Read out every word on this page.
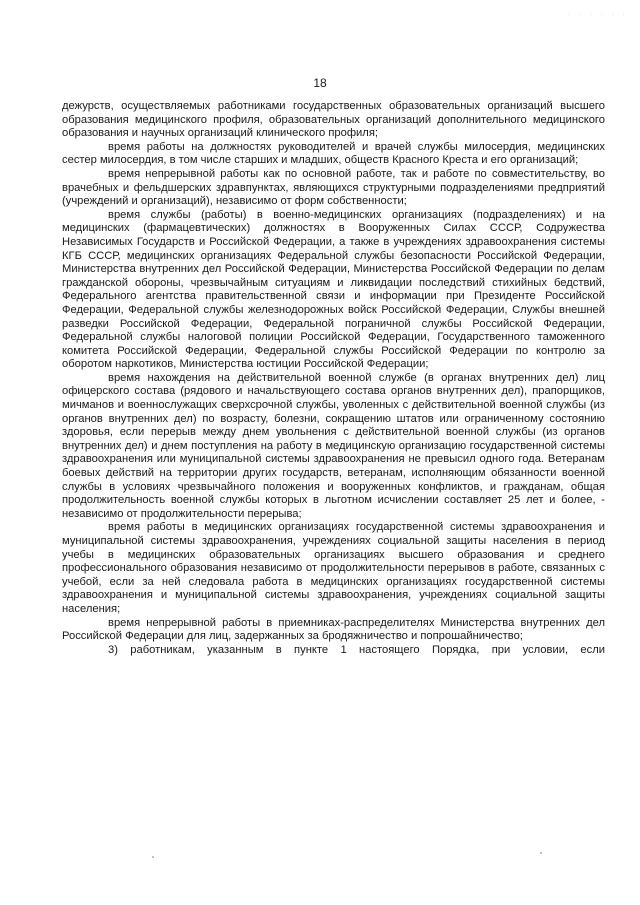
· · · · · ·
18

дежурств, осуществляемых работниками государственных образовательных организаций высшего образования медицинского профиля, образовательных организаций дополнительного медицинского образования и научных организаций клинического профиля;

время работы на должностях руководителей и врачей службы милосердия, медицинских сестер милосердия, в том числе старших и младших, обществ Красного Креста и его организаций;

время непрерывной работы как по основной работе, так и работе по совместительству, во врачебных и фельдшерских здравпунктах, являющихся структурными подразделениями предприятий (учреждений и организаций), независимо от форм собственности;

время службы (работы) в военно-медицинских организациях (подразделениях) и на медицинских (фармацевтических) должностях в Вооруженных Силах СССР, Содружества Независимых Государств и Российской Федерации, а также в учреждениях здравоохранения системы КГБ СССР, медицинских организациях Федеральной службы безопасности Российской Федерации, Министерства внутренних дел Российской Федерации, Министерства Российской Федерации по делам гражданской обороны, чрезвычайным ситуациям и ликвидации последствий стихийных бедствий, Федерального агентства правительственной связи и информации при Президенте Российской Федерации, Федеральной службы железнодорожных войск Российской Федерации, Службы внешней разведки Российской Федерации, Федеральной пограничной службы Российской Федерации, Федеральной службы налоговой полиции Российской Федерации, Государственного таможенного комитета Российской Федерации, Федеральной службы Российской Федерации по контролю за оборотом наркотиков, Министерства юстиции Российской Федерации;

время нахождения на действительной военной службе (в органах внутренних дел) лиц офицерского состава (рядового и начальствующего состава органов внутренних дел), прапорщиков, мичманов и военнослужащих сверхсрочной службы, уволенных с действительной военной службы (из органов внутренних дел) по возрасту, болезни, сокращению штатов или ограниченному состоянию здоровья, если перерыв между днем увольнения с действительной военной службы (из органов внутренних дел) и днем поступления на работу в медицинскую организацию государственной системы здравоохранения или муниципальной системы здравоохранения не превысил одного года. Ветеранам боевых действий на территории других государств, ветеранам, исполняющим обязанности военной службы в условиях чрезвычайного положения и вооруженных конфликтов, и гражданам, общая продолжительность военной службы которых в льготном исчислении составляет 25 лет и более, - независимо от продолжительности перерыва;

время работы в медицинских организациях государственной системы здравоохранения и муниципальной системы здравоохранения, учреждениях социальной защиты населения в период учебы в медицинских образовательных организациях высшего образования и среднего профессионального образования независимо от продолжительности перерывов в работе, связанных с учебой, если за ней следовала работа в медицинских организациях государственной системы здравоохранения и муниципальной системы здравоохранения, учреждениях социальной защиты населения;

время непрерывной работы в приемниках-распределителях Министерства внутренних дел Российской Федерации для лиц, задержанных за бродяжничество и попрошайничество;

3) работникам, указанным в пункте 1 настоящего Порядка, при условии, если
